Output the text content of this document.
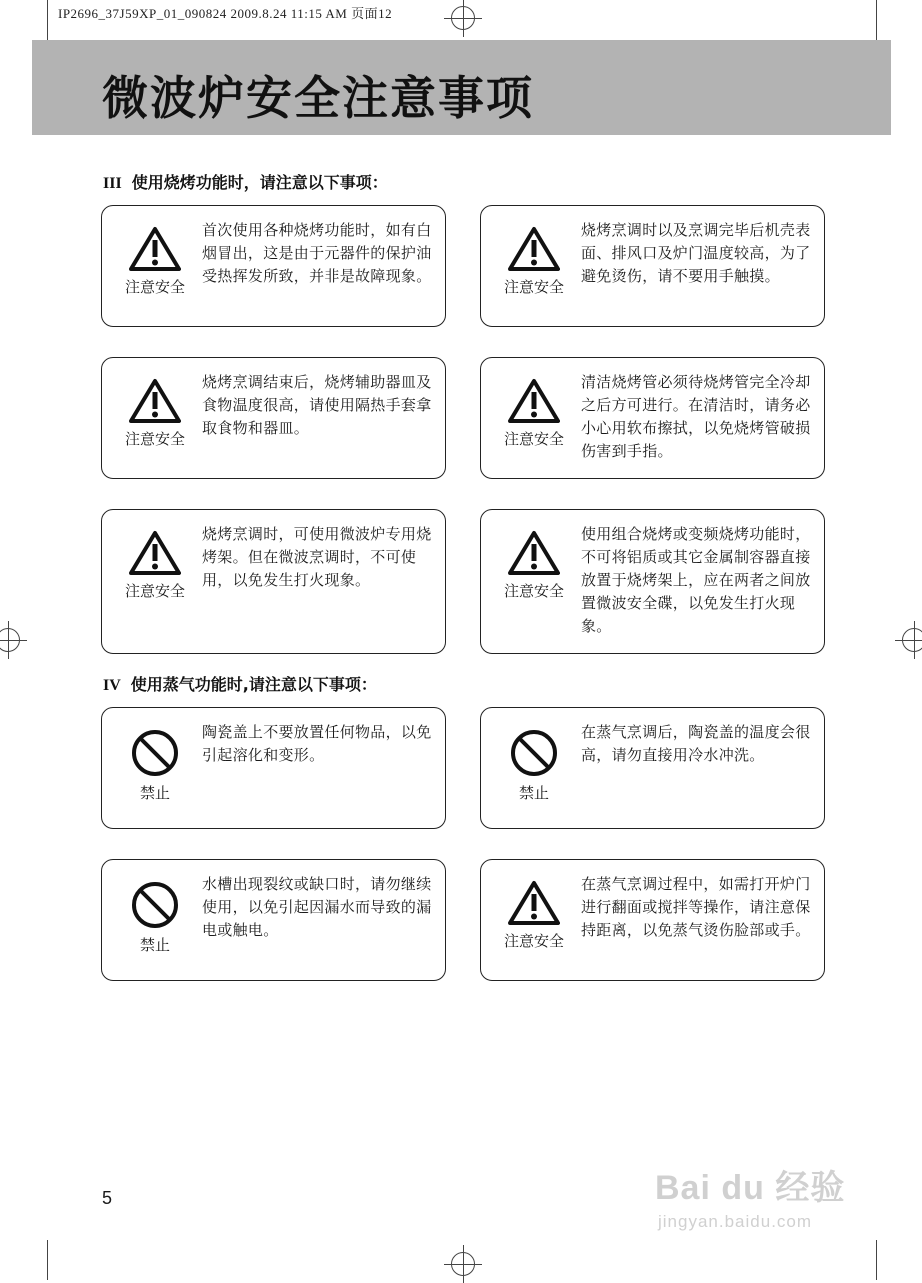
IP2696_37J59XP_01_090824 2009.8.24 11:15 AM 页面12
微波炉安全注意事项
III 使用烧烤功能时，请注意以下事项：
注意安全
首次使用各种烧烤功能时，如有白烟冒出，这是由于元器件的保护油受热挥发所致，并非是故障现象。
注意安全
烧烤烹调时以及烹调完毕后机壳表面、排风口及炉门温度较高，为了避免烫伤，请不要用手触摸。
注意安全
烧烤烹调结束后，烧烤辅助器皿及食物温度很高，请使用隔热手套拿取食物和器皿。
注意安全
清洁烧烤管必须待烧烤管完全冷却之后方可进行。在清洁时，请务必小心用软布擦拭，以免烧烤管破损伤害到手指。
注意安全
烧烤烹调时，可使用微波炉专用烧烤架。但在微波烹调时，不可使用，以免发生打火现象。
注意安全
使用组合烧烤或变频烧烤功能时，不可将铝质或其它金属制容器直接放置于烧烤架上，应在两者之间放置微波安全碟，以免发生打火现象。
IV 使用蒸气功能时,请注意以下事项：
禁止
陶瓷盖上不要放置任何物品，以免引起溶化和变形。
禁止
在蒸气烹调后，陶瓷盖的温度会很高，请勿直接用冷水冲洗。
禁止
水槽出现裂纹或缺口时，请勿继续使用，以免引起因漏水而导致的漏电或触电。
注意安全
在蒸气烹调过程中，如需打开炉门进行翻面或搅拌等操作，请注意保持距离，以免蒸气烫伤脸部或手。
5	Bai du 经验
jingyan.baidu.com
